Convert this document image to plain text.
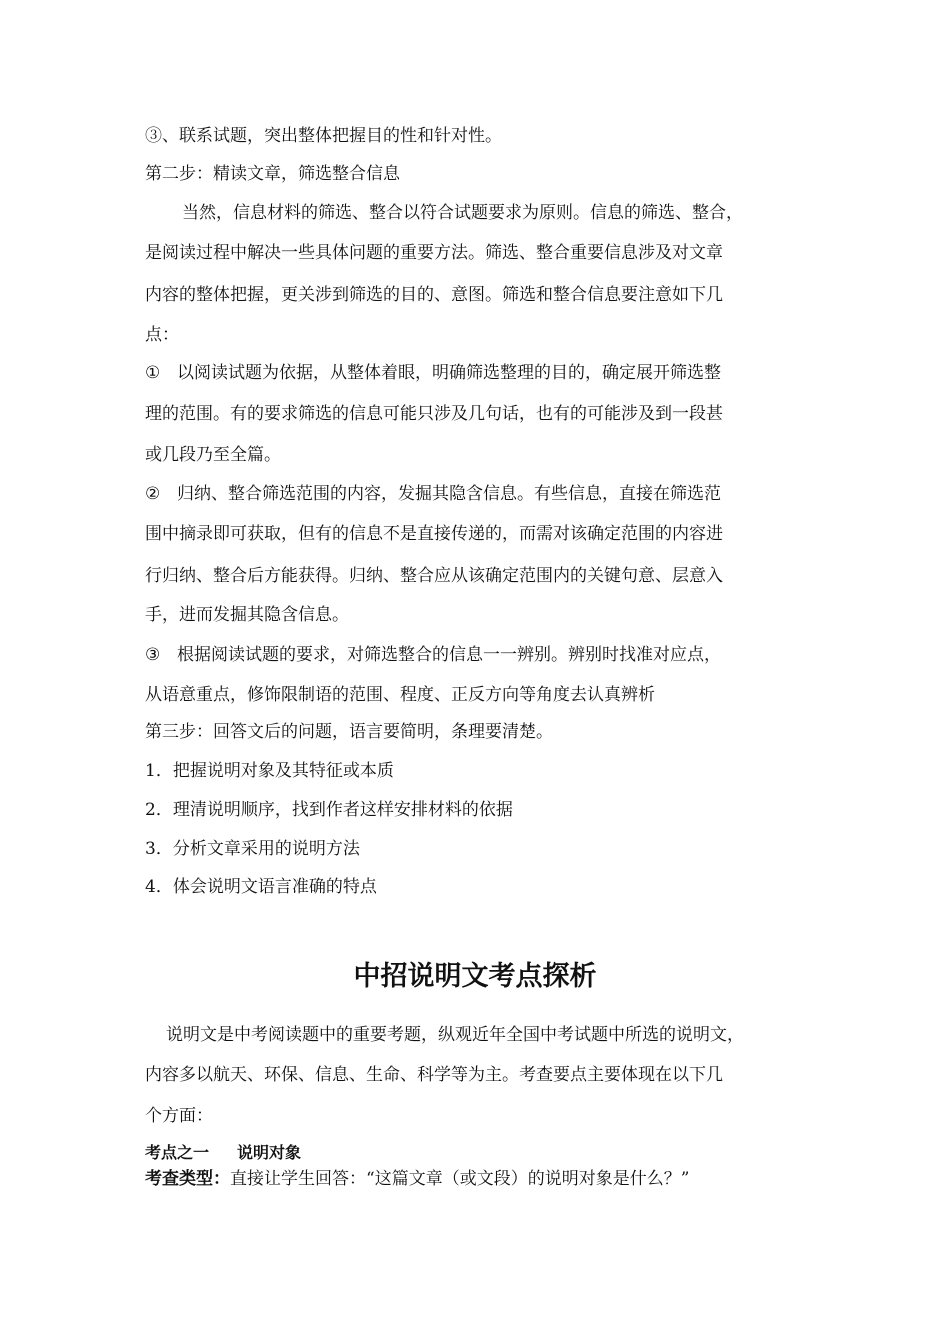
③、联系试题，突出整体把握目的性和针对性。
第二步：精读文章，筛选整合信息
当然，信息材料的筛选、整合以符合试题要求为原则。信息的筛选、整合，
是阅读过程中解决一些具体问题的重要方法。筛选、整合重要信息涉及对文章
内容的整体把握，更关涉到筛选的目的、意图。筛选和整合信息要注意如下几
点：
① 以阅读试题为依据，从整体着眼，明确筛选整理的目的，确定展开筛选整
理的范围。有的要求筛选的信息可能只涉及几句话，也有的可能涉及到一段甚
或几段乃至全篇。
② 归纳、整合筛选范围的内容，发掘其隐含信息。有些信息，直接在筛选范
围中摘录即可获取，但有的信息不是直接传递的，而需对该确定范围的内容进
行归纳、整合后方能获得。归纳、整合应从该确定范围内的关键句意、层意入
手，进而发掘其隐含信息。
③ 根据阅读试题的要求，对筛选整合的信息一一辨别。辨别时找准对应点，
从语意重点，修饰限制语的范围、程度、正反方向等角度去认真辨析
第三步：回答文后的问题，语言要简明，条理要清楚。
1．把握说明对象及其特征或本质
2．理清说明顺序，找到作者这样安排材料的依据
3．分析文章采用的说明方法
4．体会说明文语言准确的特点
中招说明文考点探析
说明文是中考阅读题中的重要考题，纵观近年全国中考试题中所选的说明文，
内容多以航天、环保、信息、生命、科学等为主。考查要点主要体现在以下几
个方面：
考点之一 说明对象
考查类型：直接让学生回答：“这篇文章（或文段）的说明对象是什么？”
